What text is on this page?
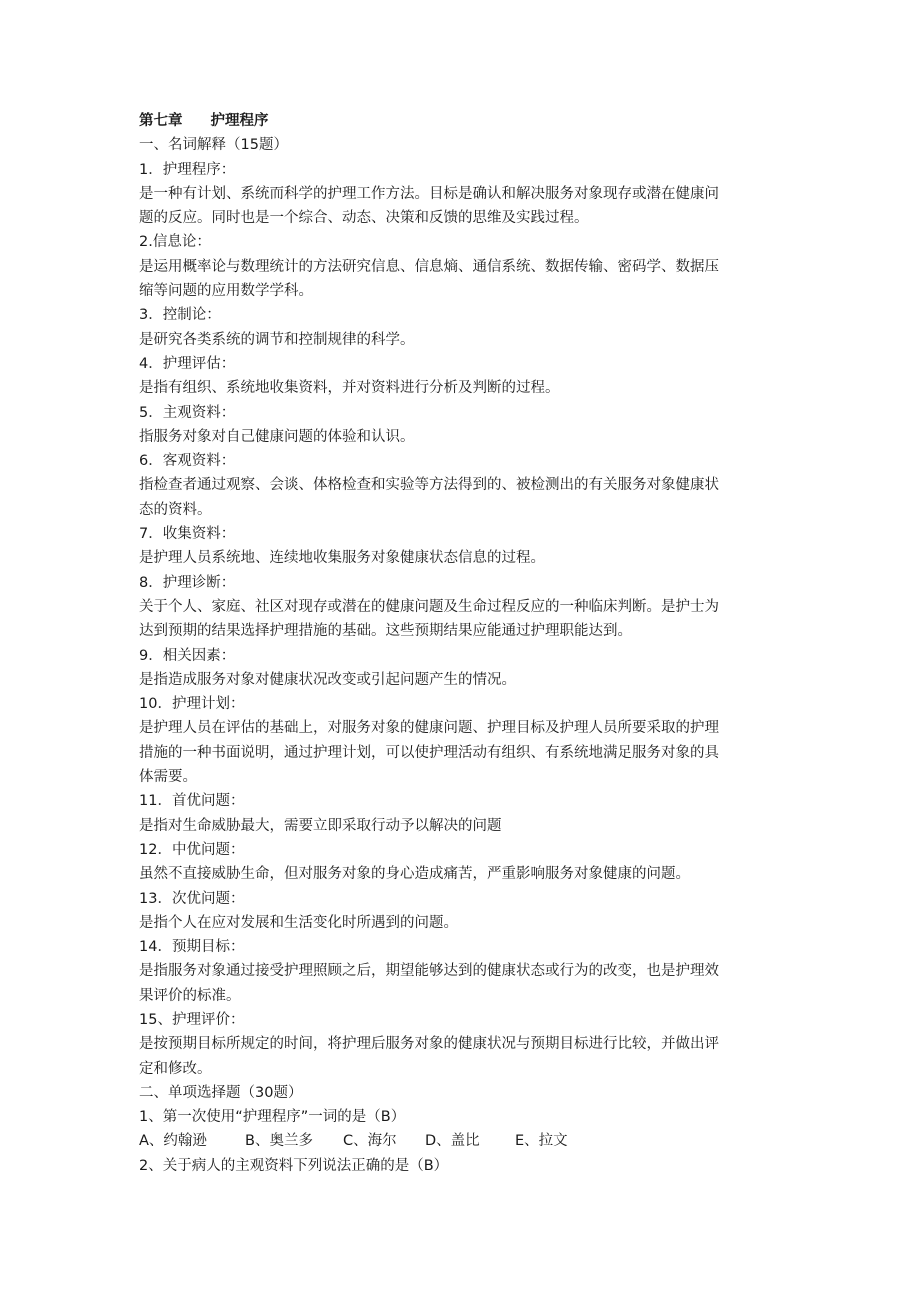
第七章 护理程序
一、名词解释（15题）
1．护理程序：
是一种有计划、系统而科学的护理工作方法。目标是确认和解决服务对象现存或潜在健康问
题的反应。同时也是一个综合、动态、决策和反馈的思维及实践过程。
2.信息论：
是运用概率论与数理统计的方法研究信息、信息熵、通信系统、数据传输、密码学、数据压
缩等问题的应用数学学科。
3．控制论：
是研究各类系统的调节和控制规律的科学。
4．护理评估：
是指有组织、系统地收集资料，并对资料进行分析及判断的过程。
5．主观资料：
指服务对象对自己健康问题的体验和认识。
6．客观资料：
指检查者通过观察、会谈、体格检查和实验等方法得到的、被检测出的有关服务对象健康状
态的资料。
7．收集资料：
是护理人员系统地、连续地收集服务对象健康状态信息的过程。
8．护理诊断：
关于个人、家庭、社区对现存或潜在的健康问题及生命过程反应的一种临床判断。是护士为
达到预期的结果选择护理措施的基础。这些预期结果应能通过护理职能达到。
9．相关因素：
是指造成服务对象对健康状况改变或引起问题产生的情况。
10．护理计划：
是护理人员在评估的基础上，对服务对象的健康问题、护理目标及护理人员所要采取的护理
措施的一种书面说明，通过护理计划，可以使护理活动有组织、有系统地满足服务对象的具
体需要。
11．首优问题：
是指对生命威胁最大，需要立即采取行动予以解决的问题
12．中优问题：
虽然不直接威胁生命，但对服务对象的身心造成痛苦，严重影响服务对象健康的问题。
13．次优问题：
是指个人在应对发展和生活变化时所遇到的问题。
14．预期目标：
是指服务对象通过接受护理照顾之后，期望能够达到的健康状态或行为的改变，也是护理效
果评价的标准。
15、护理评价：
是按预期目标所规定的时间，将护理后服务对象的健康状况与预期目标进行比较，并做出评
定和修改。
二、单项选择题（30题）
1、第一次使用“护理程序”一词的是（B）
A、约翰逊	B、奥兰多 C、海尔 D、盖比 E、拉文
2、关于病人的主观资料下列说法正确的是（B）
